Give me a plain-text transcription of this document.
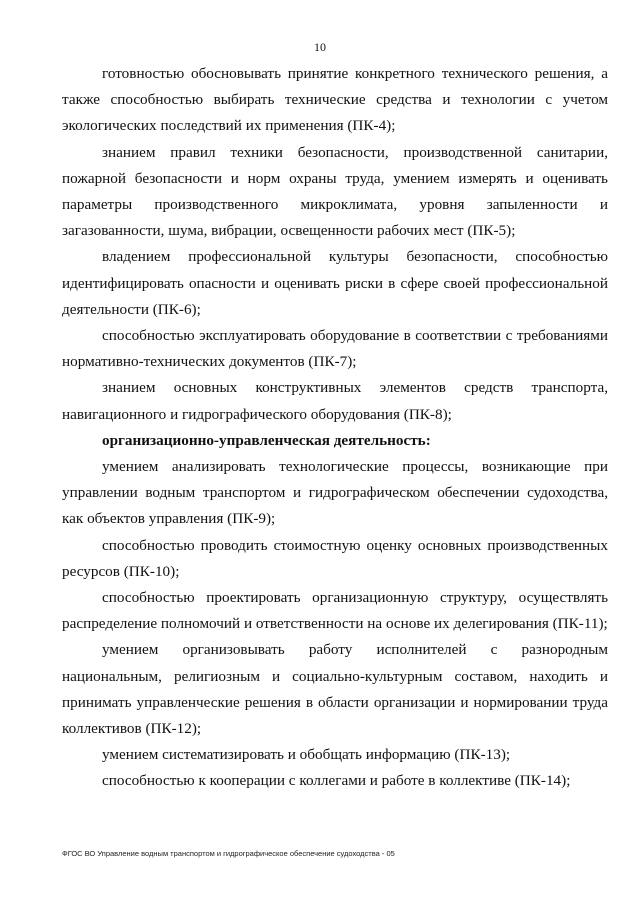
10

готовностью обосновывать принятие конкретного технического решения, а также способностью выбирать технические средства и технологии с учетом экологических последствий их применения (ПК-4);

знанием правил техники безопасности, производственной санитарии, пожарной безопасности и норм охраны труда, умением измерять и оценивать параметры производственного микроклимата, уровня запыленности и загазованности, шума, вибрации, освещенности рабочих мест (ПК-5);

владением профессиональной культуры безопасности, способностью идентифицировать опасности и оценивать риски в сфере своей профессиональной деятельности (ПК-6);

способностью эксплуатировать оборудование в соответствии с требованиями нормативно-технических документов (ПК-7);

знанием основных конструктивных элементов средств транспорта, навигационного и гидрографического оборудования (ПК-8);

организационно-управленческая деятельность:

умением анализировать технологические процессы, возникающие при управлении водным транспортом и гидрографическом обеспечении судоходства, как объектов управления (ПК-9);

способностью проводить стоимостную оценку основных производственных ресурсов (ПК-10);

способностью проектировать организационную структуру, осуществлять распределение полномочий и ответственности на основе их делегирования (ПК-11);

умением организовывать работу исполнителей с разнородным национальным, религиозным и социально-культурным составом, находить и принимать управленческие решения в области организации и нормировании труда коллективов (ПК-12);

умением систематизировать и обобщать информацию (ПК-13);

способностью к кооперации с коллегами и работе в коллективе (ПК-14);

ФГОС ВО Управление водным транспортом и гидрографическое обеспечение судоходства - 05
